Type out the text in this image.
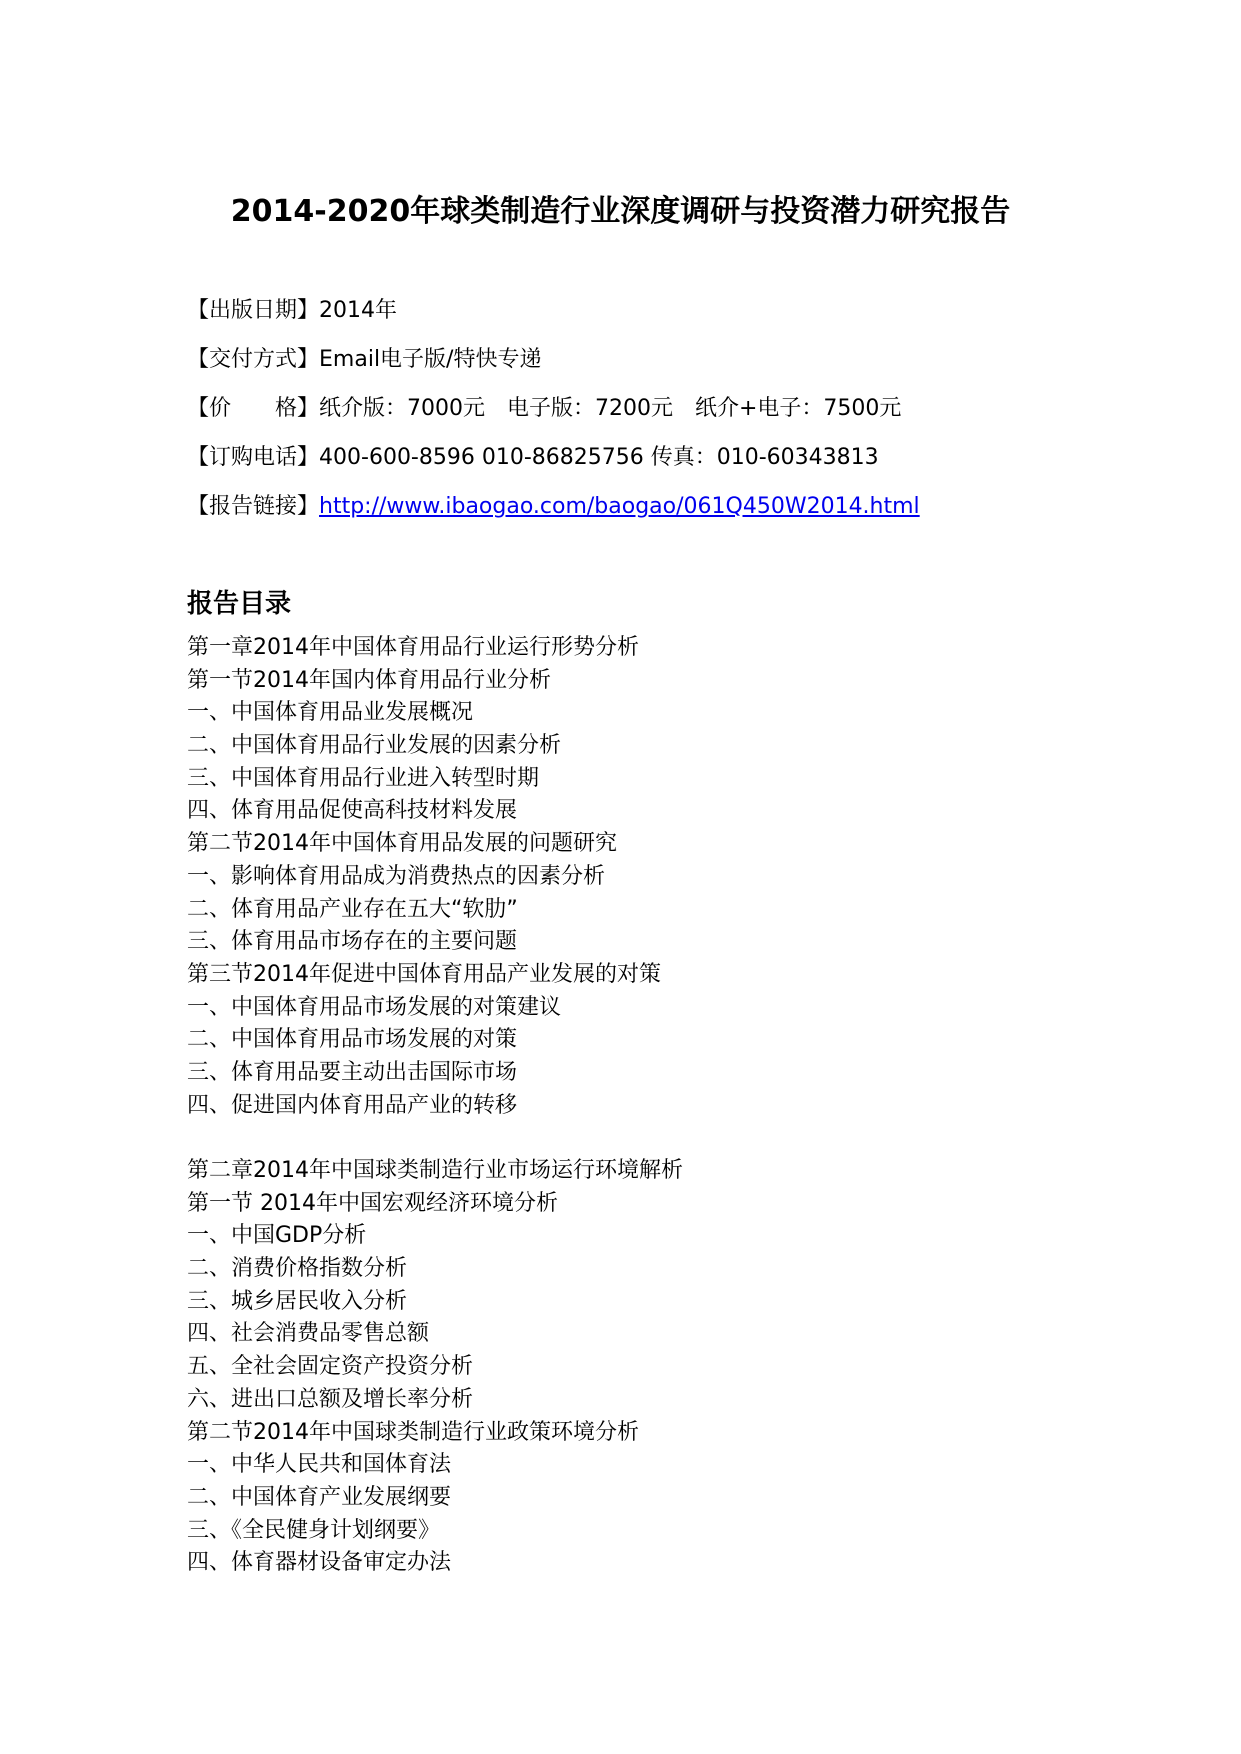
2014-2020年球类制造行业深度调研与投资潜力研究报告
【出版日期】2014年
【交付方式】Email电子版/特快专递
【价　　格】纸介版：7000元　电子版：7200元　纸介+电子：7500元
【订购电话】400-600-8596 010-86825756 传真：010-60343813
【报告链接】http://www.ibaogao.com/baogao/061Q450W2014.html
报告目录
第一章2014年中国体育用品行业运行形势分析
第一节2014年国内体育用品行业分析
一、中国体育用品业发展概况
二、中国体育用品行业发展的因素分析
三、中国体育用品行业进入转型时期
四、体育用品促使高科技材料发展
第二节2014年中国体育用品发展的问题研究
一、影响体育用品成为消费热点的因素分析
二、体育用品产业存在五大“软肋”
三、体育用品市场存在的主要问题
第三节2014年促进中国体育用品产业发展的对策
一、中国体育用品市场发展的对策建议
二、中国体育用品市场发展的对策
三、体育用品要主动出击国际市场
四、促进国内体育用品产业的转移
第二章2014年中国球类制造行业市场运行环境解析
第一节 2014年中国宏观经济环境分析
一、中国GDP分析
二、消费价格指数分析
三、城乡居民收入分析
四、社会消费品零售总额
五、全社会固定资产投资分析
六、进出口总额及增长率分析
第二节2014年中国球类制造行业政策环境分析
一、中华人民共和国体育法
二、中国体育产业发展纲要
三、《全民健身计划纲要》
四、体育器材设备审定办法
